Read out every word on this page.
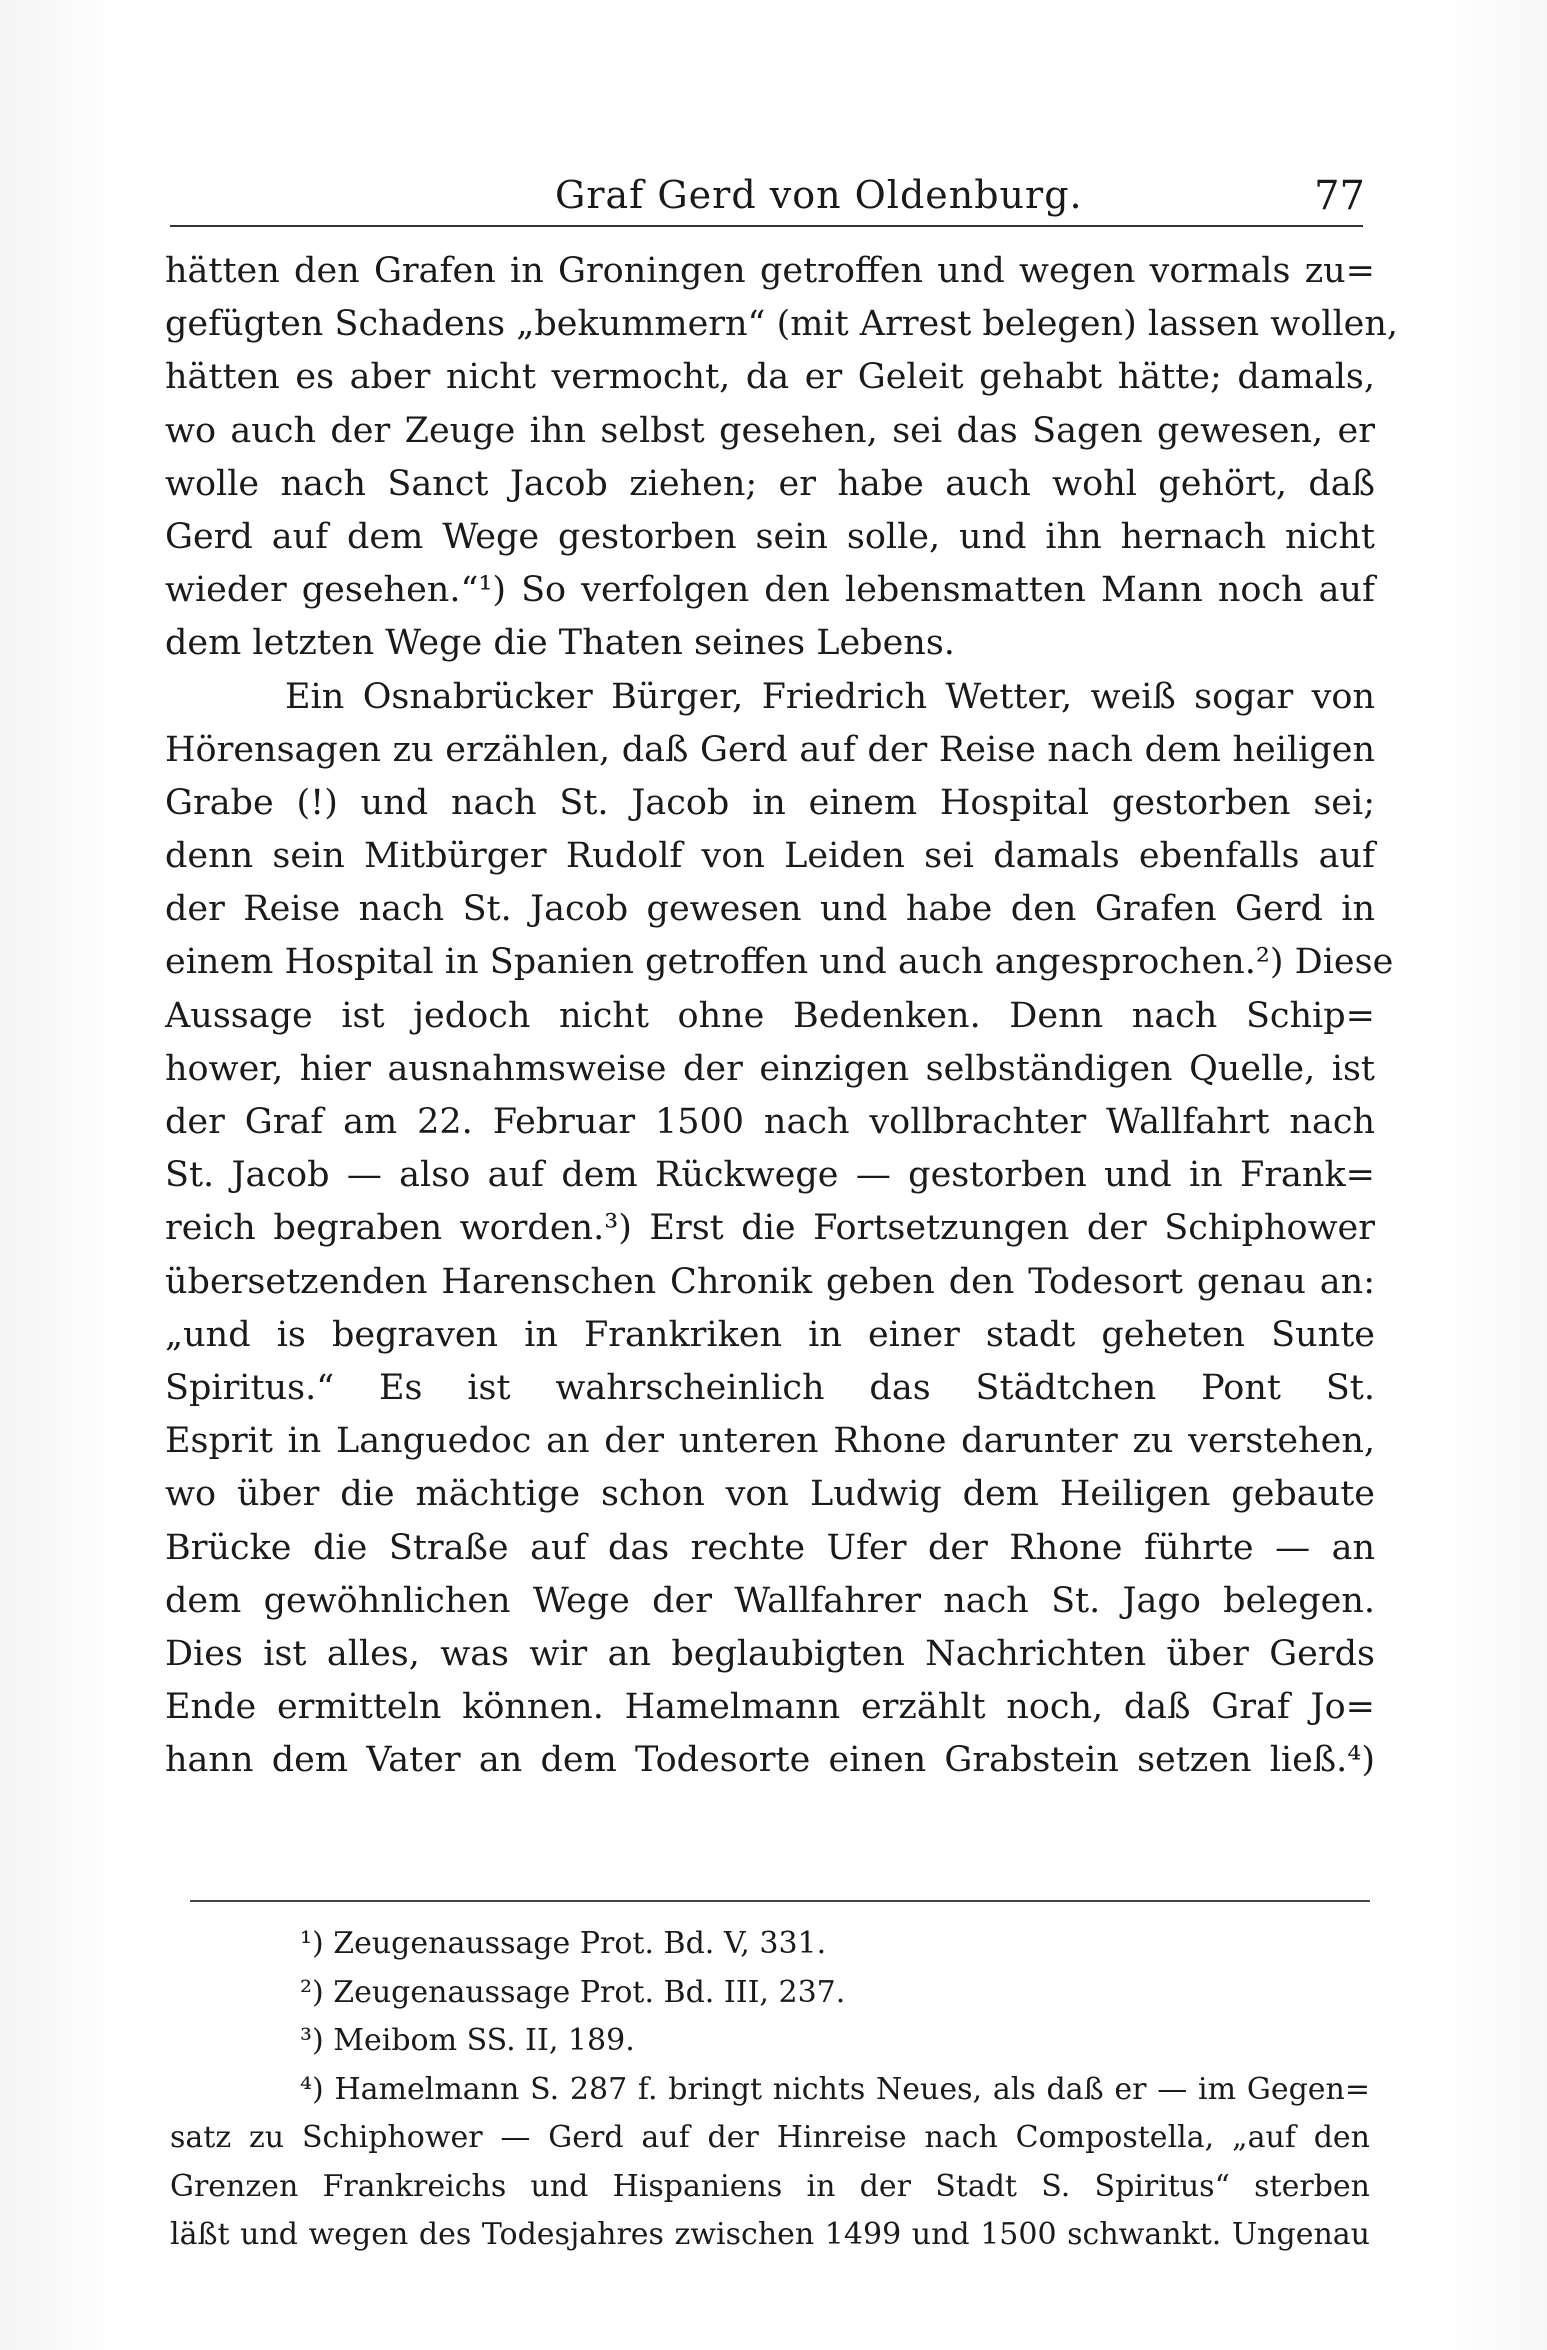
Graf Gerd von Oldenburg.	77
hätten den Grafen in Groningen getroffen und wegen vormals zu=
gefügten Schadens „bekummern“ (mit Arrest belegen) lassen wollen,
hätten es aber nicht vermocht, da er Geleit gehabt hätte; damals,
wo auch der Zeuge ihn selbst gesehen, sei das Sagen gewesen, er
wolle nach Sanct Jacob ziehen; er habe auch wohl gehört, daß
Gerd auf dem Wege gestorben sein solle, und ihn hernach nicht
wieder gesehen.“¹) So verfolgen den lebensmatten Mann noch auf
dem letzten Wege die Thaten seines Lebens.
Ein Osnabrücker Bürger, Friedrich Wetter, weiß sogar von
Hörensagen zu erzählen, daß Gerd auf der Reise nach dem heiligen
Grabe (!) und nach St. Jacob in einem Hospital gestorben sei;
denn sein Mitbürger Rudolf von Leiden sei damals ebenfalls auf
der Reise nach St. Jacob gewesen und habe den Grafen Gerd in
einem Hospital in Spanien getroffen und auch angesprochen.²) Diese
Aussage ist jedoch nicht ohne Bedenken. Denn nach Schip=
hower, hier ausnahmsweise der einzigen selbständigen Quelle, ist
der Graf am 22. Februar 1500 nach vollbrachter Wallfahrt nach
St. Jacob — also auf dem Rückwege — gestorben und in Frank=
reich begraben worden.³) Erst die Fortsetzungen der Schiphower
übersetzenden Harenschen Chronik geben den Todesort genau an:
„und is begraven in Frankriken in einer stadt geheten Sunte
Spiritus.“ Es ist wahrscheinlich das Städtchen Pont St.
Esprit in Languedoc an der unteren Rhone darunter zu verstehen,
wo über die mächtige schon von Ludwig dem Heiligen gebaute
Brücke die Straße auf das rechte Ufer der Rhone führte — an
dem gewöhnlichen Wege der Wallfahrer nach St. Jago belegen.
Dies ist alles, was wir an beglaubigten Nachrichten über Gerds
Ende ermitteln können. Hamelmann erzählt noch, daß Graf Jo=
hann dem Vater an dem Todesorte einen Grabstein setzen ließ.⁴)
¹) Zeugenaussage Prot. Bd. V, 331.
²) Zeugenaussage Prot. Bd. III, 237.
³) Meibom SS. II, 189.
⁴) Hamelmann S. 287 f. bringt nichts Neues, als daß er — im Gegen=
satz zu Schiphower — Gerd auf der Hinreise nach Compostella, „auf den
Grenzen Frankreichs und Hispaniens in der Stadt S. Spiritus“ sterben
läßt und wegen des Todesjahres zwischen 1499 und 1500 schwankt. Ungenau
